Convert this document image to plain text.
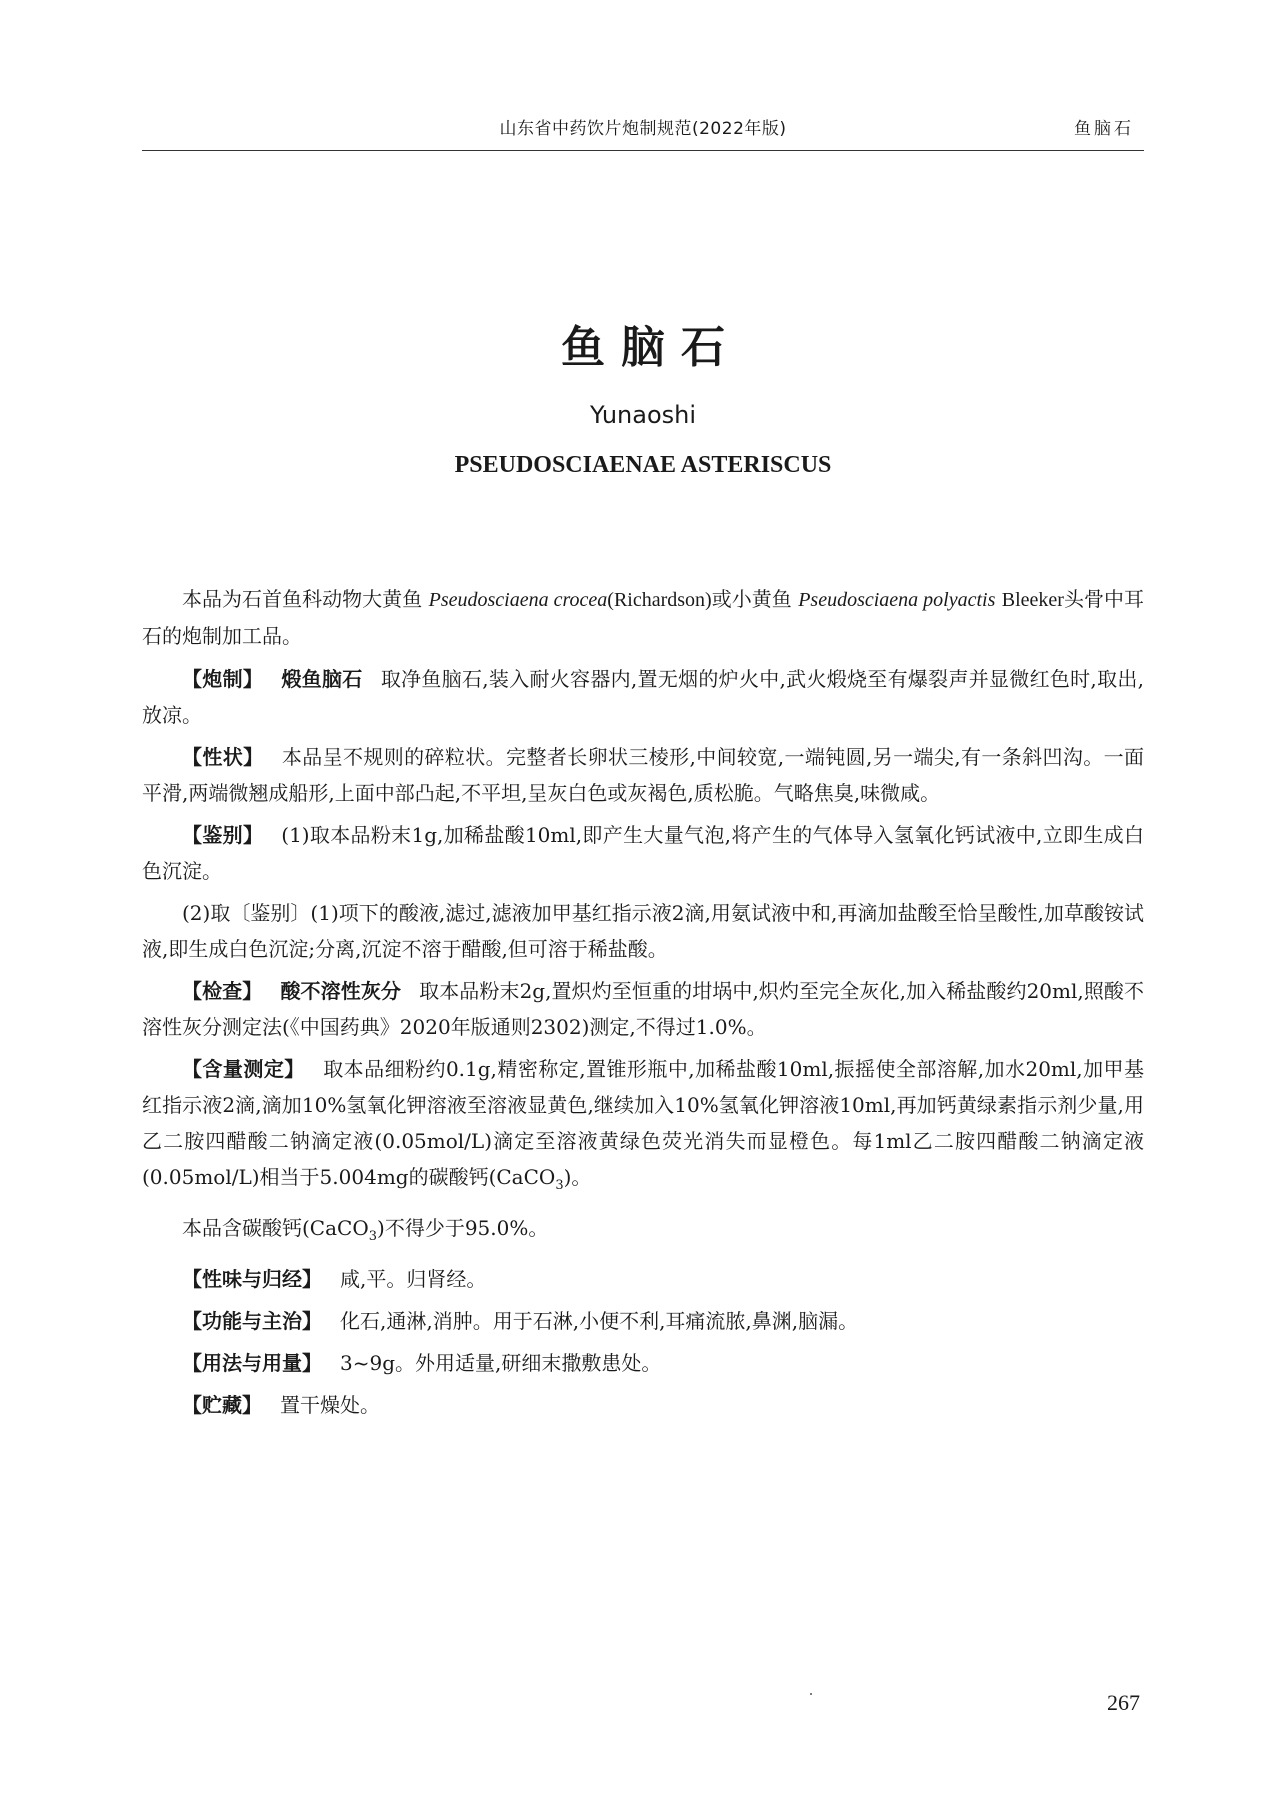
山东省中药饮片炮制规范(2022年版)	鱼脑石
鱼脑石
Yunaoshi
PSEUDOSCIAENAE ASTERISCUS

本品为石首鱼科动物大黄鱼 Pseudosciaena crocea(Richardson)或小黄鱼 Pseudosciaena polyactis Bleeker头骨中耳石的炮制加工品。

【炮制】 煅鱼脑石 取净鱼脑石,装入耐火容器内,置无烟的炉火中,武火煅烧至有爆裂声并显微红色时,取出,放凉。

【性状】 本品呈不规则的碎粒状。完整者长卵状三棱形,中间较宽,一端钝圆,另一端尖,有一条斜凹沟。一面平滑,两端微翘成船形,上面中部凸起,不平坦,呈灰白色或灰褐色,质松脆。气略焦臭,味微咸。

【鉴别】 (1)取本品粉末1g,加稀盐酸10ml,即产生大量气泡,将产生的气体导入氢氧化钙试液中,立即生成白色沉淀。

(2)取〔鉴别〕(1)项下的酸液,滤过,滤液加甲基红指示液2滴,用氨试液中和,再滴加盐酸至恰呈酸性,加草酸铵试液,即生成白色沉淀;分离,沉淀不溶于醋酸,但可溶于稀盐酸。

【检查】 酸不溶性灰分 取本品粉末2g,置炽灼至恒重的坩埚中,炽灼至完全灰化,加入稀盐酸约20ml,照酸不溶性灰分测定法(《中国药典》2020年版通则2302)测定,不得过1.0%。

【含量测定】 取本品细粉约0.1g,精密称定,置锥形瓶中,加稀盐酸10ml,振摇使全部溶解,加水20ml,加甲基红指示液2滴,滴加10%氢氧化钾溶液至溶液显黄色,继续加入10%氢氧化钾溶液10ml,再加钙黄绿素指示剂少量,用乙二胺四醋酸二钠滴定液(0.05mol/L)滴定至溶液黄绿色荧光消失而显橙色。每1ml乙二胺四醋酸二钠滴定液(0.05mol/L)相当于5.004mg的碳酸钙(CaCO$_3$)。

本品含碳酸钙(CaCO$_3$)不得少于95.0%。

【性味与归经】 咸,平。归肾经。

【功能与主治】 化石,通淋,消肿。用于石淋,小便不利,耳痛流脓,鼻渊,脑漏。

【用法与用量】 3~9g。外用适量,研细末撒敷患处。

【贮藏】 置干燥处。

267
